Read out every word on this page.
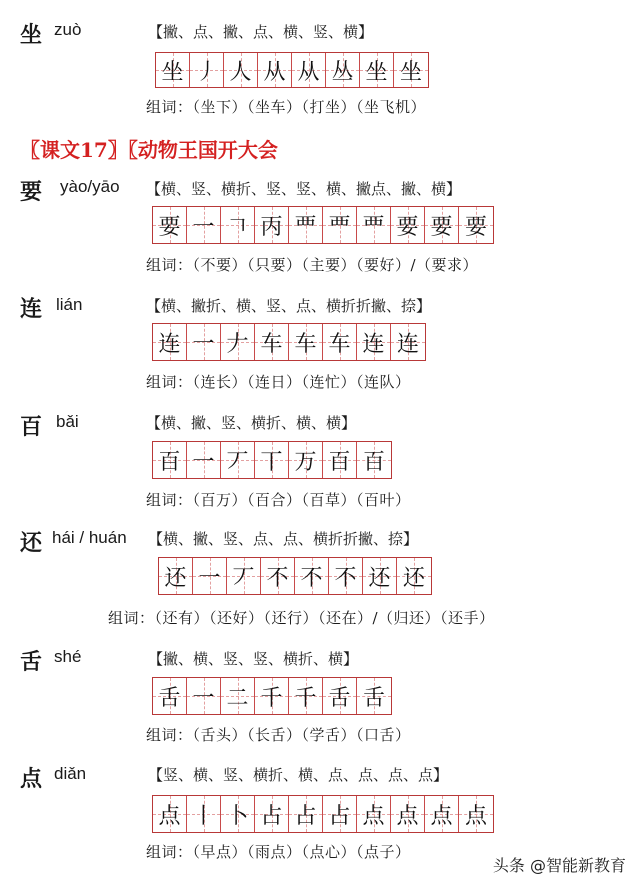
坐 zuò	【撇、点、撇、点、横、竖、横】
坐 丿 人 从 从 丛 坐 坐
组词：（坐下）（坐车）（打坐）（坐飞机）
〖课文17〗〖动物王国开大会
要 yào/yāo 【横、竖、横折、竖、竖、横、撇点、撇、横】
要 一 𠃍 丙 覀 覀 覀 要 要 要
组词：（不要）（只要）（主要）（要好）/（要求）
连 lián	【横、撇折、横、竖、点、横折折撇、捺】
连 一 𠂇 车 车 车 连 连
组词：（连长）（连日）（连忙）（连队）
百 bǎi	【横、撇、竖、横折、横、横】
百 一 丆 丅 万 百 百
组词：（百万）（百合）（百草）（百叶）
还 hái / huán 【横、撇、竖、点、点、横折折撇、捺】
还 一 丆 不 不 不 还 还
组词：（还有）（还好）（还行）（还在）/（归还）（还手）
舌 shé	【撇、横、竖、竖、横折、横】
舌 一 二 千 千 舌 舌
组词：（舌头）（长舌）（学舌）（口舌）
点 diǎn	【竖、横、竖、横折、横、点、点、点、点】
点 丨 卜 占 占 占 点 点 点 点
组词：（早点）（雨点）（点心）（点子）
头条 @智能新教育
